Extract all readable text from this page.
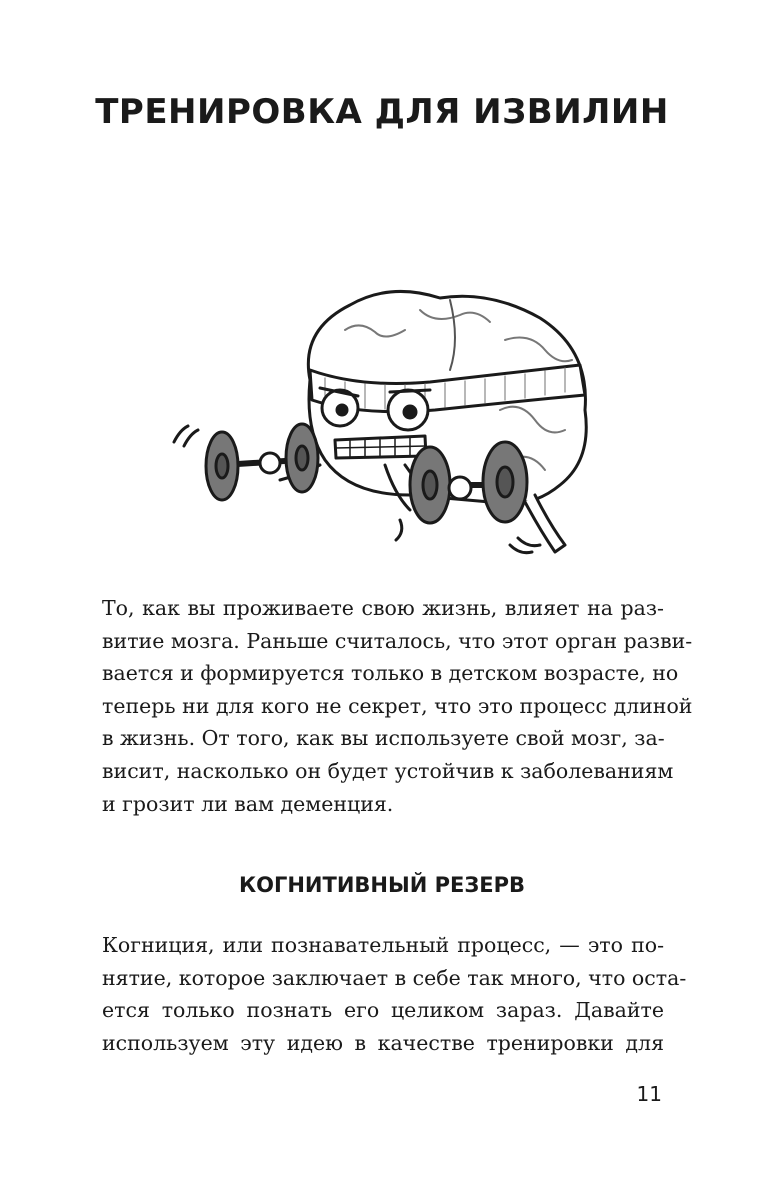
ТРЕНИРОВКА ДЛЯ ИЗВИЛИН
То, как вы проживаете свою жизнь, влияет на раз-
витие мозга. Раньше считалось, что этот орган разви-
вается и формируется только в детском возрасте, но
теперь ни для кого не секрет, что это процесс длиной
в жизнь. От того, как вы используете свой мозг, за-
висит, насколько он будет устойчив к заболеваниям
и грозит ли вам деменция.
КОГНИТИВНЫЙ РЕЗЕРВ
Когниция, или познавательный процесс, — это по-
нятие, которое заключает в себе так много, что оста-
ется только познать его целиком зараз. Давайте
используем эту идею в качестве тренировки для
11
